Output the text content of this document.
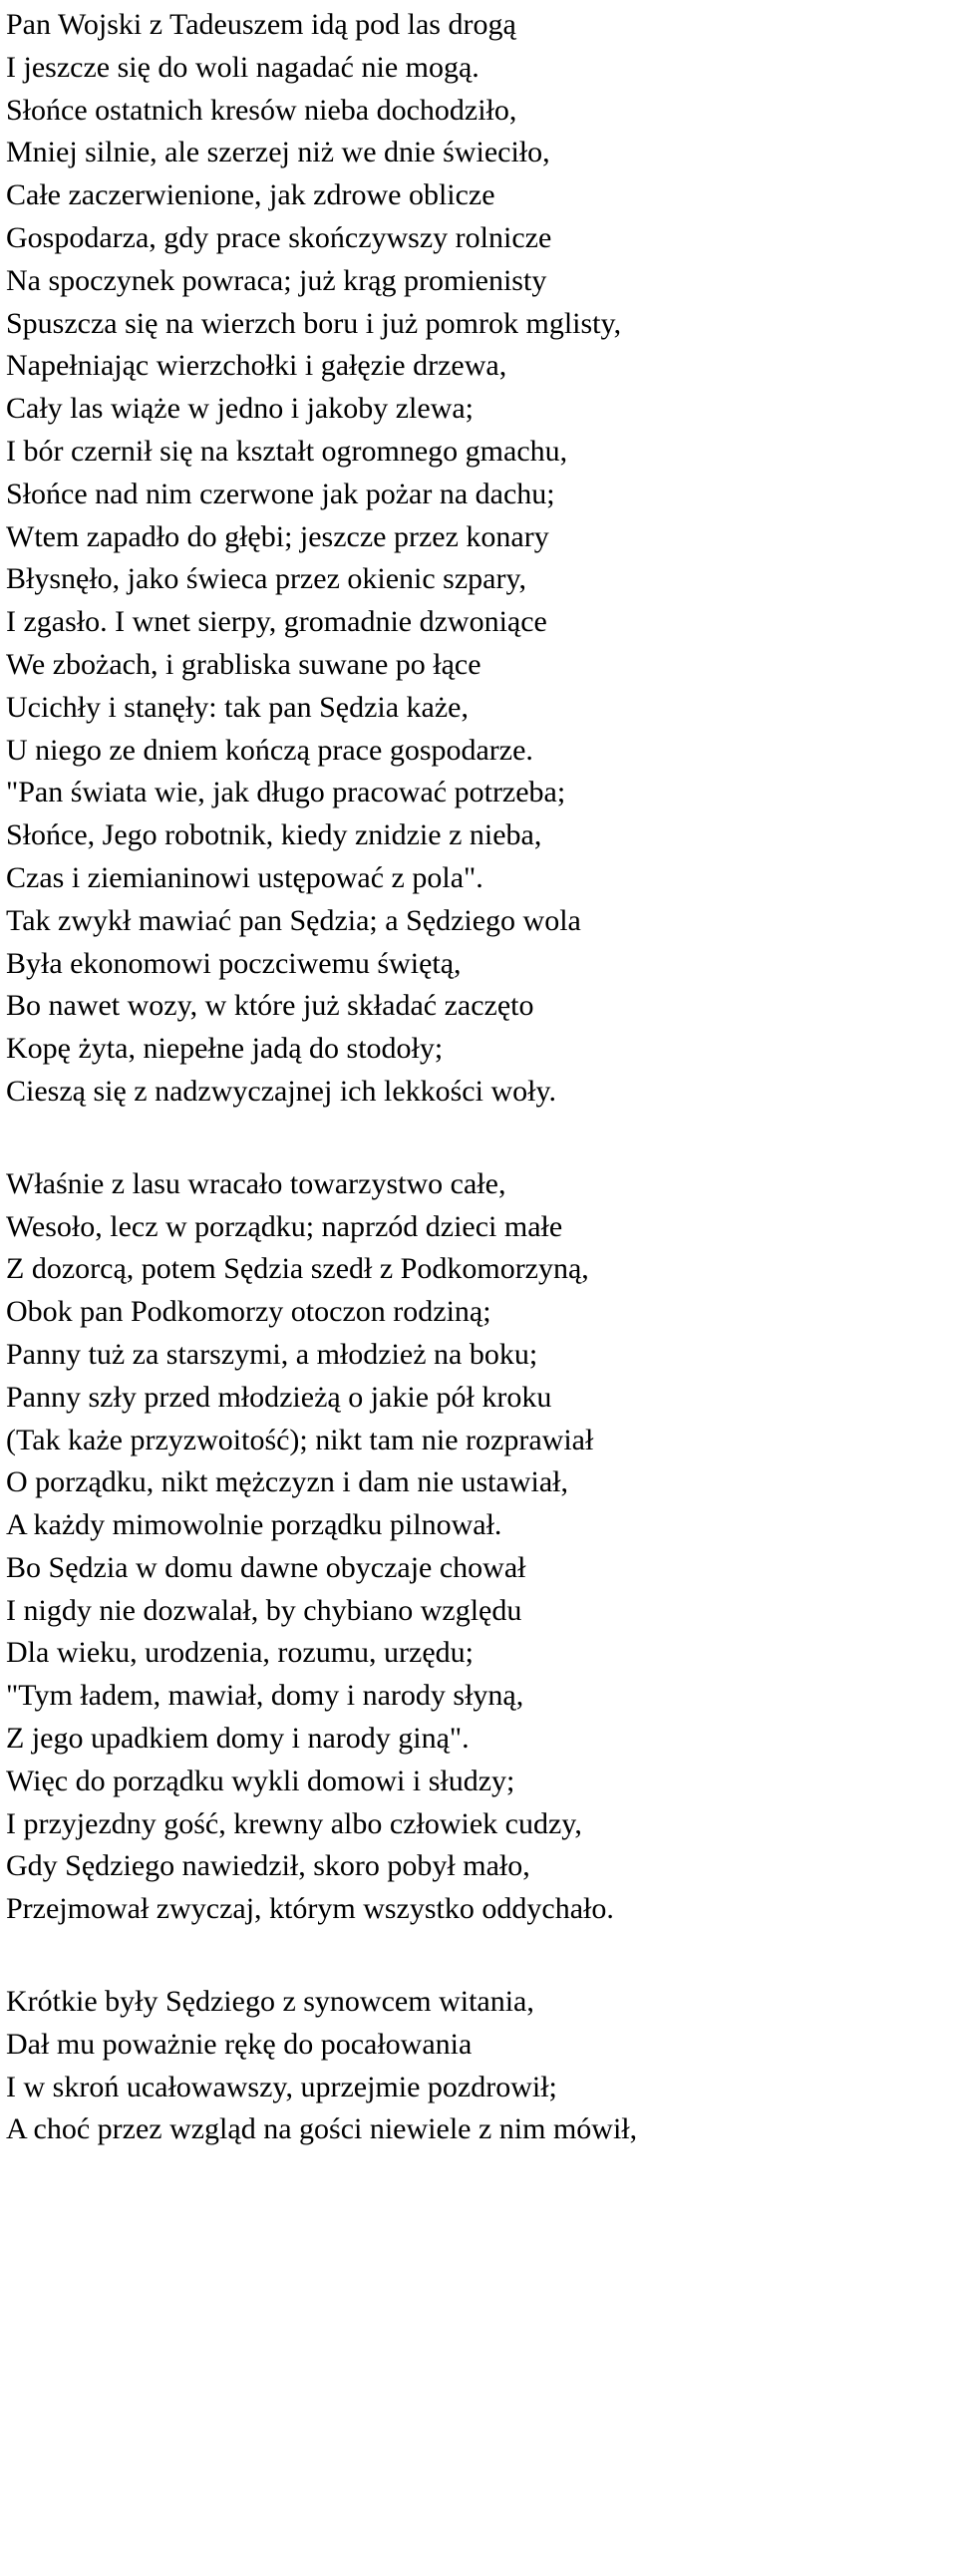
Pan Wojski z Tadeuszem idą pod las drogą
I jeszcze się do woli nagadać nie mogą.
Słońce ostatnich kresów nieba dochodziło,
Mniej silnie, ale szerzej niż we dnie świeciło,
Całe zaczerwienione, jak zdrowe oblicze
Gospodarza, gdy prace skończywszy rolnicze
Na spoczynek powraca; już krąg promienisty
Spuszcza się na wierzch boru i już pomrok mglisty,
Napełniając wierzchołki i gałęzie drzewa,
Cały las wiąże w jedno i jakoby zlewa;
I bór czernił się na kształt ogromnego gmachu,
Słońce nad nim czerwone jak pożar na dachu;
Wtem zapadło do głębi; jeszcze przez konary
Błysnęło, jako świeca przez okienic szpary,
I zgasło. I wnet sierpy, gromadnie dzwoniące
We zbożach, i grabliska suwane po łące
Ucichły i stanęły: tak pan Sędzia każe,
U niego ze dniem kończą prace gospodarze.
"Pan świata wie, jak długo pracować potrzeba;
Słońce, Jego robotnik, kiedy znidzie z nieba,
Czas i ziemianinowi ustępować z pola".
Tak zwykł mawiać pan Sędzia; a Sędziego wola
Była ekonomowi poczciwemu świętą,
Bo nawet wozy, w które już składać zaczęto
Kopę żyta, niepełne jadą do stodoły;
Cieszą się z nadzwyczajnej ich lekkości woły.
Właśnie z lasu wracało towarzystwo całe,
Wesoło, lecz w porządku; naprzód dzieci małe
Z dozorcą, potem Sędzia szedł z Podkomorzyną,
Obok pan Podkomorzy otoczon rodziną;
Panny tuż za starszymi, a młodzież na boku;
Panny szły przed młodzieżą o jakie pół kroku
(Tak każe przyzwoitość); nikt tam nie rozprawiał
O porządku, nikt mężczyzn i dam nie ustawiał,
A każdy mimowolnie porządku pilnował.
Bo Sędzia w domu dawne obyczaje chował
I nigdy nie dozwalał, by chybiano względu
Dla wieku, urodzenia, rozumu, urzędu;
"Tym ładem, mawiał, domy i narody słyną,
Z jego upadkiem domy i narody giną".
Więc do porządku wykli domowi i słudzy;
I przyjezdny gość, krewny albo człowiek cudzy,
Gdy Sędziego nawiedził, skoro pobył mało,
Przejmował zwyczaj, którym wszystko oddychało.
Krótkie były Sędziego z synowcem witania,
Dał mu poważnie rękę do pocałowania
I w skroń ucałowawszy, uprzejmie pozdrowił;
A choć przez wzgląd na gości niewiele z nim mówił,
